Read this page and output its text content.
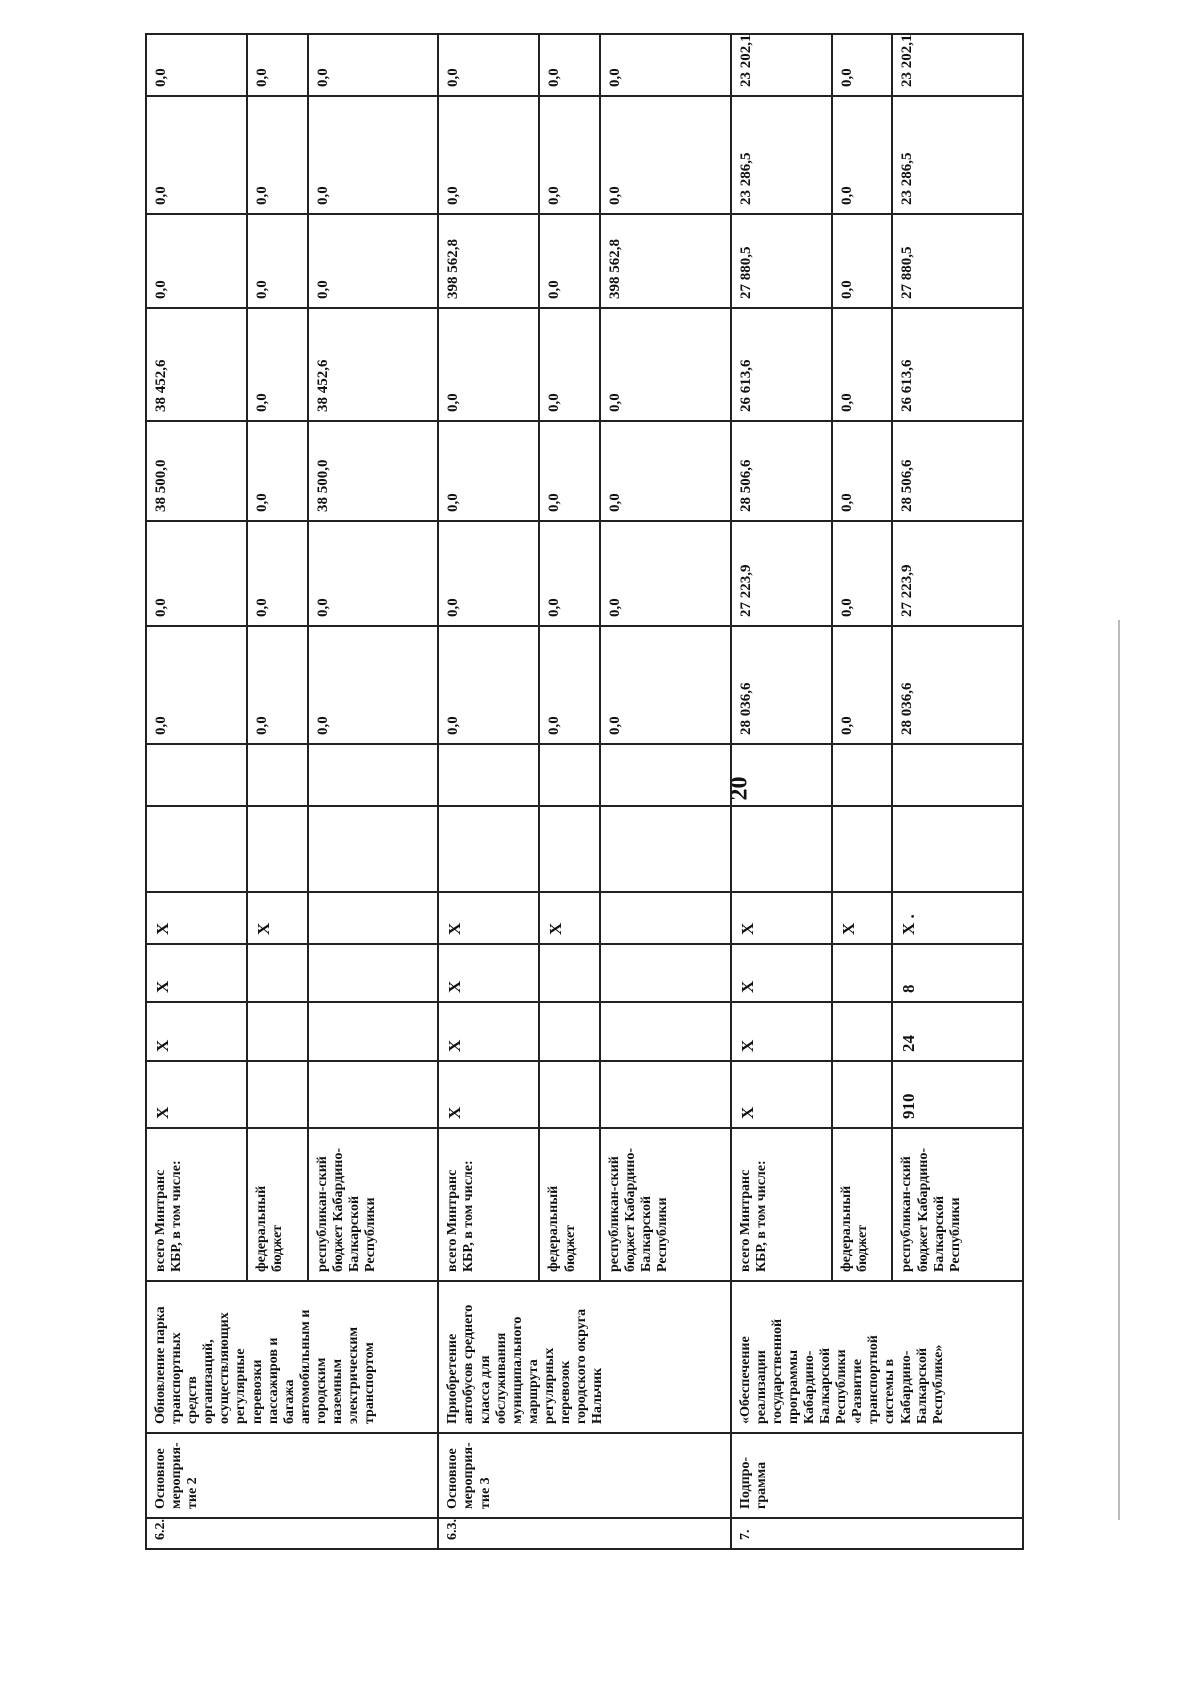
20
6.2.	Основное мероприя-тие 2	Обновление парка транспортных средств организаций, осуществляющих регулярные перевозки пассажиров и багажа автомобильным и городским наземным электрическим транспортом	всего Минтранс КБР, в том числе:	X	X	X	X			0,0	0,0	38 500,0	38 452,6	0,0	0,0	0,0
			федеральный бюджет				X			0,0	0,0	0,0	0,0	0,0	0,0	0,0
			республикан-ский бюджет Кабардино-Балкарской Республики							0,0	0,0	38 500,0	38 452,6	0,0	0,0	0,0
6.3.	Основное мероприя-тие 3	Приобретение автобусов среднего класса для обслуживания муниципального маршрута регулярных перевозок городского округа Нальчик	всего Минтранс КБР, в том числе:	X	X	X	X			0,0	0,0	0,0	0,0	398 562,8	0,0	0,0
			федеральный бюджет				X			0,0	0,0	0,0	0,0	0,0	0,0	0,0
			республикан-ский бюджет Кабардино-Балкарской Республики							0,0	0,0	0,0	0,0	398 562,8	0,0	0,0
7.	Подпро-грамма	«Обеспечение реализации государственной программы Кабардино-Балкарской Республики «Развитие транспортной системы в Кабардино-Балкарской Республике»	всего Минтранс КБР, в том числе:	X	X	X	X			28 036,6	27 223,9	28 506,6	26 613,6	27 880,5	23 286,5	23 202,1
			федеральный бюджет				X			0,0	0,0	0,0	0,0	0,0	0,0	0,0
			республикан-ский бюджет Кабардино-Балкарской Республики	910	24	8	X .			28 036,6	27 223,9	28 506,6	26 613,6	27 880,5	23 286,5	23 202,1
